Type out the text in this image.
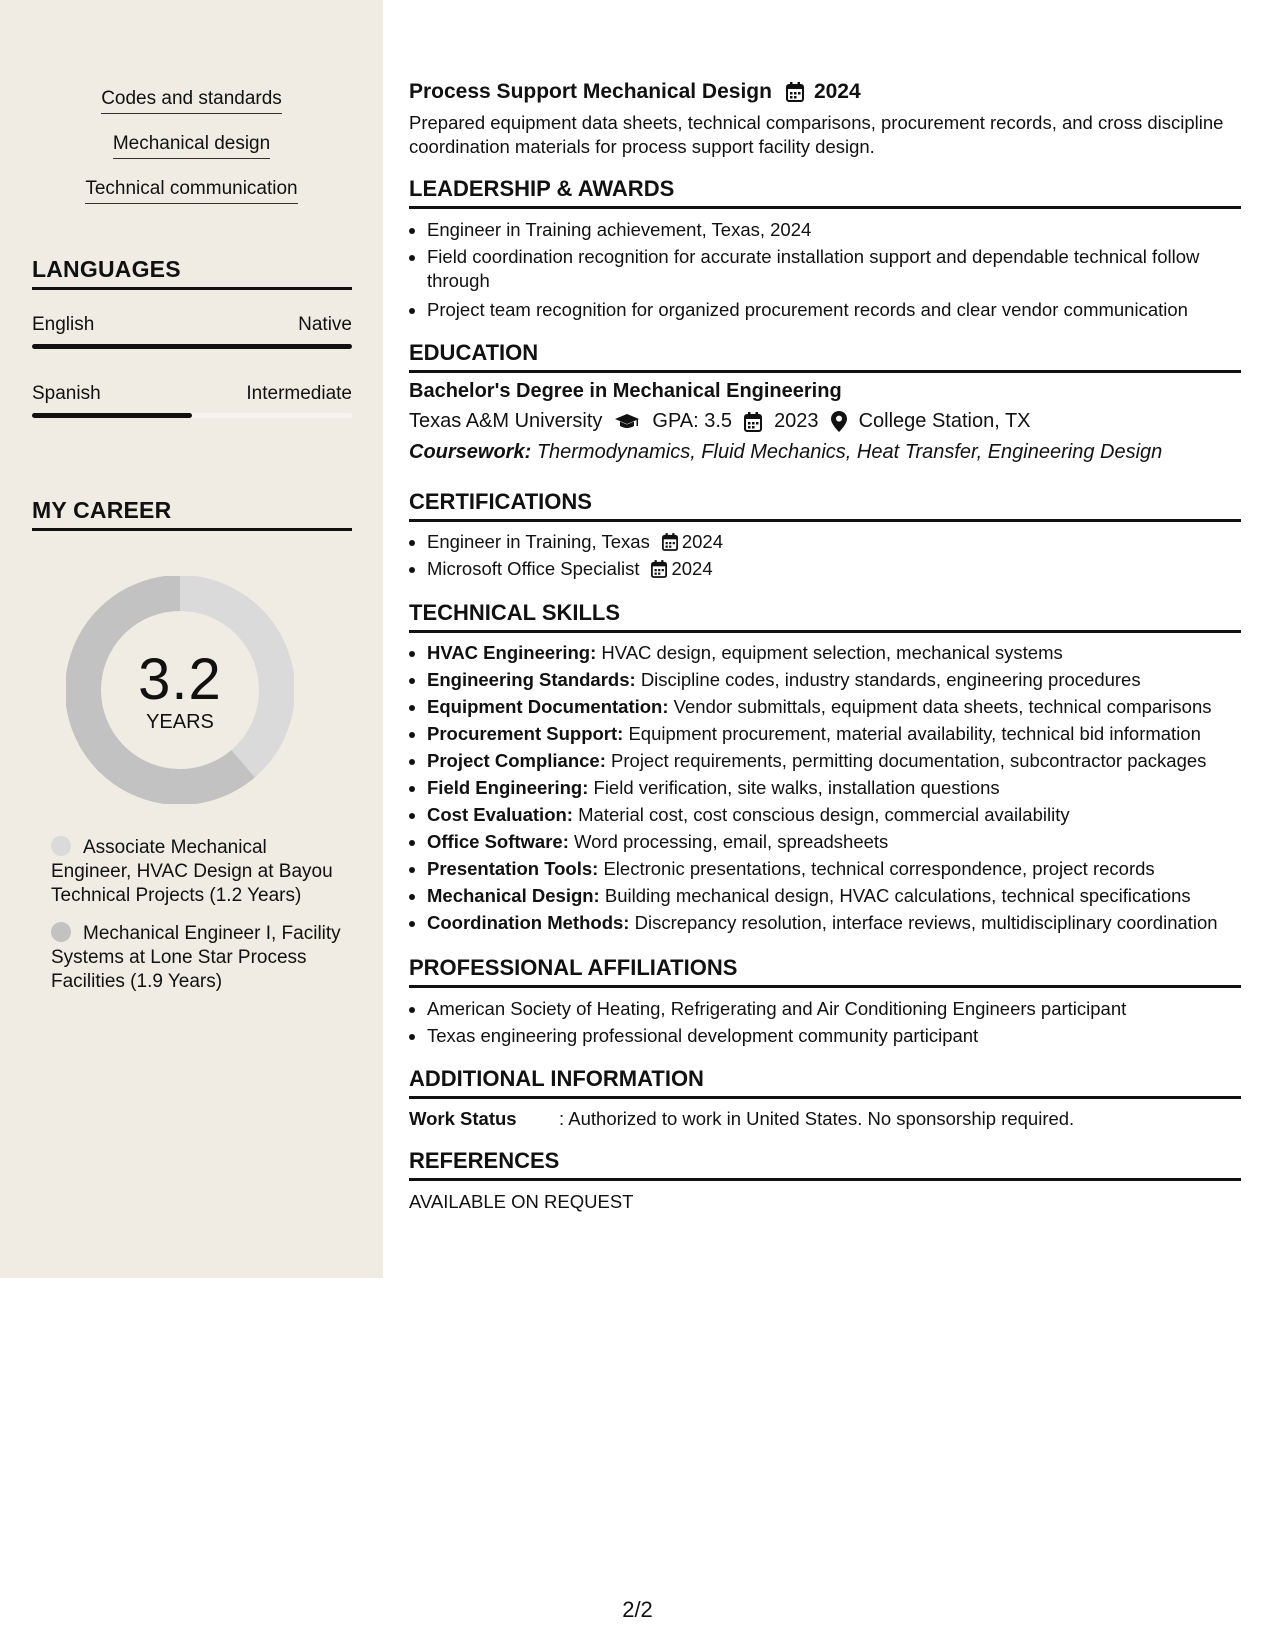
Codes and standards
Mechanical design
Technical communication
LANGUAGES
English	Native
Spanish	Intermediate
MY CAREER
3.2
YEARS
Associate Mechanical Engineer, HVAC Design at Bayou Technical Projects (1.2 Years)
Mechanical Engineer I, Facility Systems at Lone Star Process Facilities (1.9 Years)
Process Support Mechanical Design 2024
Prepared equipment data sheets, technical comparisons, procurement records, and cross discipline coordination materials for process support facility design.
LEADERSHIP & AWARDS
• Engineer in Training achievement, Texas, 2024
• Field coordination recognition for accurate installation support and dependable technical follow through
• Project team recognition for organized procurement records and clear vendor communication
EDUCATION
Bachelor's Degree in Mechanical Engineering
Texas A&M University	GPA: 3.5 2023 College Station, TX
Coursework: Thermodynamics, Fluid Mechanics, Heat Transfer, Engineering Design
CERTIFICATIONS
• Engineer in Training, Texas 2024
• Microsoft Office Specialist 2024
TECHNICAL SKILLS
• HVAC Engineering: HVAC design, equipment selection, mechanical systems
• Engineering Standards: Discipline codes, industry standards, engineering procedures
• Equipment Documentation: Vendor submittals, equipment data sheets, technical comparisons
• Procurement Support: Equipment procurement, material availability, technical bid information
• Project Compliance: Project requirements, permitting documentation, subcontractor packages
• Field Engineering: Field verification, site walks, installation questions
• Cost Evaluation: Material cost, cost conscious design, commercial availability
• Office Software: Word processing, email, spreadsheets
• Presentation Tools: Electronic presentations, technical correspondence, project records
• Mechanical Design: Building mechanical design, HVAC calculations, technical specifications
• Coordination Methods: Discrepancy resolution, interface reviews, multidisciplinary coordination
PROFESSIONAL AFFILIATIONS
• American Society of Heating, Refrigerating and Air Conditioning Engineers participant
• Texas engineering professional development community participant
ADDITIONAL INFORMATION
Work Status	: Authorized to work in United States. No sponsorship required.
REFERENCES
AVAILABLE ON REQUEST
2/2
